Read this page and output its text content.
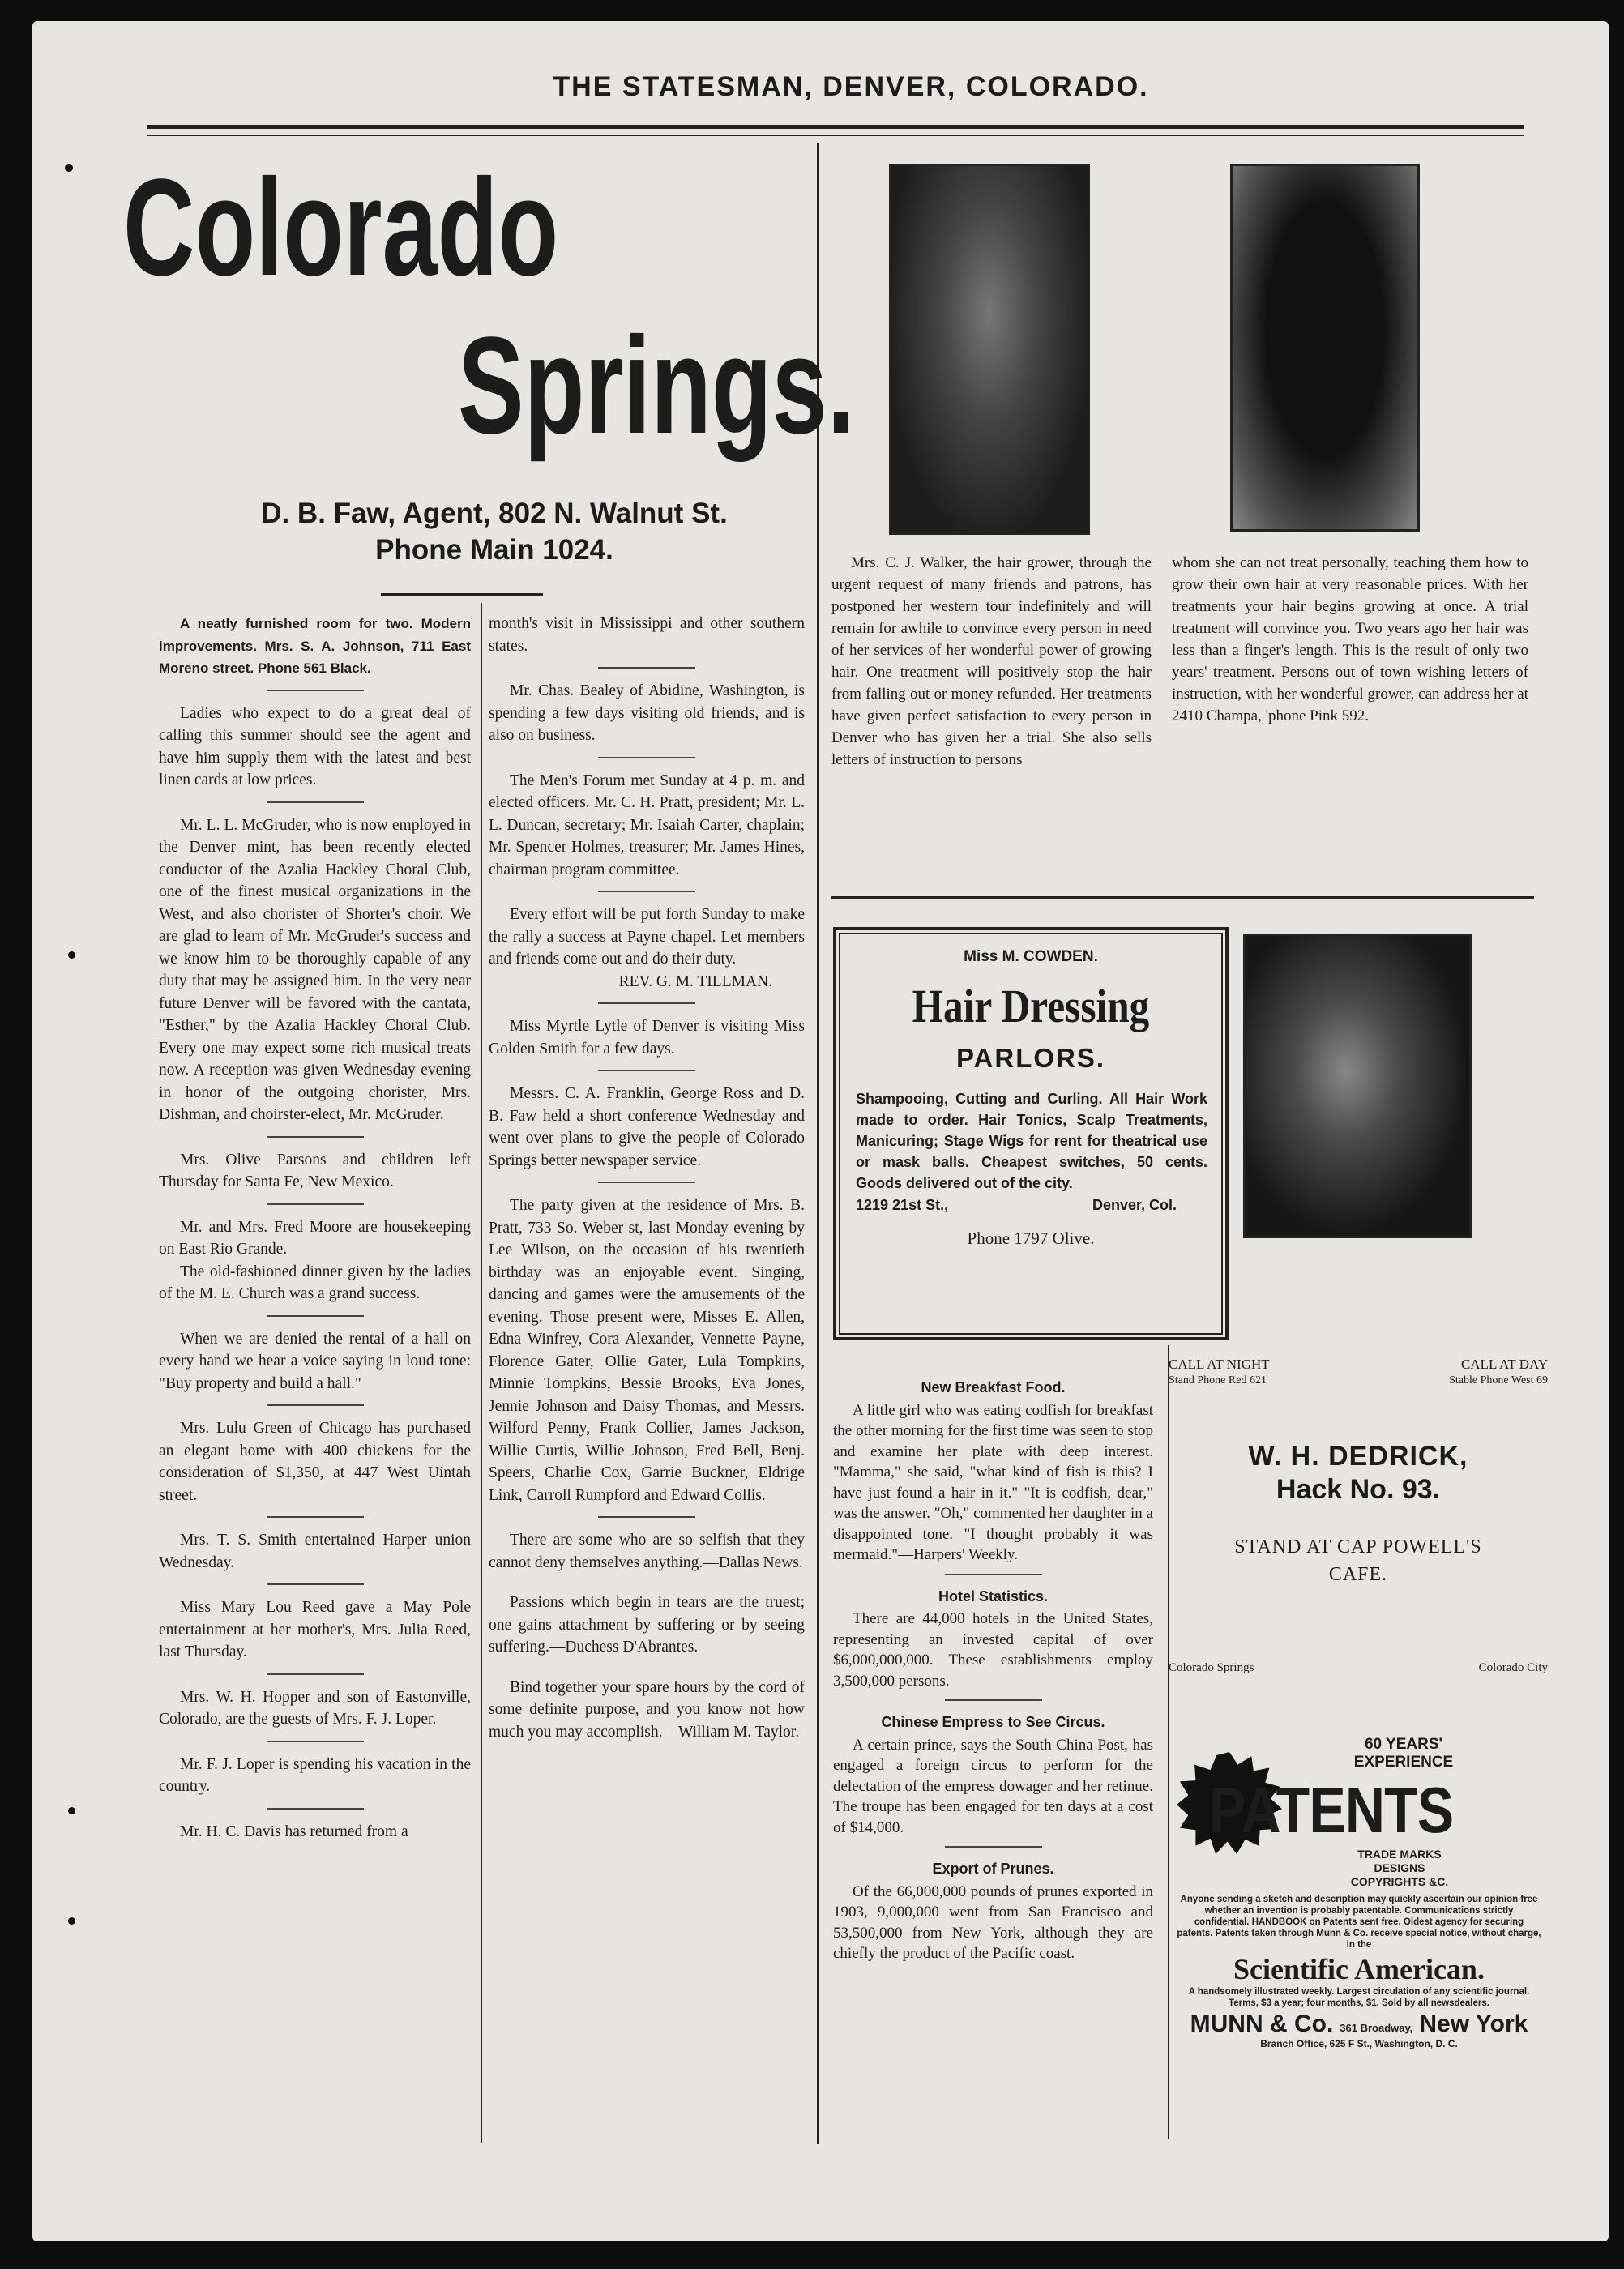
THE STATESMAN, DENVER, COLORADO.
Colorado
Springs.
D. B. Faw, Agent, 802 N. Walnut St.
Phone Main 1024.

A neatly furnished room for two. Modern improvements. Mrs. S. A. Johnson, 711 East Moreno street. Phone 561 Black.

Ladies who expect to do a great deal of calling this summer should see the agent and have him supply them with the latest and best linen cards at low prices.

Mr. L. L. McGruder, who is now employed in the Denver mint, has been recently elected conductor of the Azalia Hackley Choral Club, one of the finest musical organizations in the West, and also chorister of Shorter's choir. We are glad to learn of Mr. McGruder's success and we know him to be thoroughly capable of any duty that may be assigned him. In the very near future Denver will be favored with the cantata, "Esther," by the Azalia Hackley Choral Club. Every one may expect some rich musical treats now. A reception was given Wednesday evening in honor of the outgoing chorister, Mrs. Dishman, and choirster-elect, Mr. McGruder.

Mrs. Olive Parsons and children left Thursday for Santa Fe, New Mexico.

Mr. and Mrs. Fred Moore are housekeeping on East Rio Grande.

The old-fashioned dinner given by the ladies of the M. E. Church was a grand success.

When we are denied the rental of a hall on every hand we hear a voice saying in loud tone: "Buy property and build a hall."

Mrs. Lulu Green of Chicago has purchased an elegant home with 400 chickens for the consideration of $1,350, at 447 West Uintah street.

Mrs. T. S. Smith entertained Harper union Wednesday.

Miss Mary Lou Reed gave a May Pole entertainment at her mother's, Mrs. Julia Reed, last Thursday.

Mrs. W. H. Hopper and son of Eastonville, Colorado, are the guests of Mrs. F. J. Loper.

Mr. F. J. Loper is spending his vacation in the country.

Mr. H. C. Davis has returned from a

month's visit in Mississippi and other southern states.

Mr. Chas. Bealey of Abidine, Washington, is spending a few days visiting old friends, and is also on business.

The Men's Forum met Sunday at 4 p. m. and elected officers. Mr. C. H. Pratt, president; Mr. L. L. Duncan, secretary; Mr. Isaiah Carter, chaplain; Mr. Spencer Holmes, treasurer; Mr. James Hines, chairman program committee.

Every effort will be put forth Sunday to make the rally a success at Payne chapel. Let members and friends come out and do their duty.

REV. G. M. TILLMAN.

Miss Myrtle Lytle of Denver is visiting Miss Golden Smith for a few days.

Messrs. C. A. Franklin, George Ross and D. B. Faw held a short conference Wednesday and went over plans to give the people of Colorado Springs better newspaper service.

The party given at the residence of Mrs. B. Pratt, 733 So. Weber st, last Monday evening by Lee Wilson, on the occasion of his twentieth birthday was an enjoyable event. Singing, dancing and games were the amusements of the evening. Those present were, Misses E. Allen, Edna Winfrey, Cora Alexander, Vennette Payne, Florence Gater, Ollie Gater, Lula Tompkins, Minnie Tompkins, Bessie Brooks, Eva Jones, Jennie Johnson and Daisy Thomas, and Messrs. Wilford Penny, Frank Collier, James Jackson, Willie Curtis, Willie Johnson, Fred Bell, Benj. Speers, Charlie Cox, Garrie Buckner, Eldrige Link, Carroll Rumpford and Edward Collis.

There are some who are so selfish that they cannot deny themselves anything.—Dallas News.

Passions which begin in tears are the truest; one gains attachment by suffering or by seeing suffering.—Duchess D'Abrantes.

Bind together your spare hours by the cord of some definite purpose, and you know not how much you may accomplish.—William M. Taylor.

Mrs. C. J. Walker, the hair grower, through the urgent request of many friends and patrons, has postponed her western tour indefinitely and will remain for awhile to convince every person in need of her services of her wonderful power of growing hair. One treatment will positively stop the hair from falling out or money refunded. Her treatments have given perfect satisfaction to every person in Denver who has given her a trial. She also sells letters of instruction to persons

whom she can not treat personally, teaching them how to grow their own hair at very reasonable prices. With her treatments your hair begins growing at once. A trial treatment will convince you. Two years ago her hair was less than a finger's length. This is the result of only two years' treatment. Persons out of town wishing letters of instruction, with her wonderful grower, can address her at 2410 Champa, 'phone Pink 592.

Miss M. COWDEN.
Hair Dressing
PARLORS.
Shampooing, Cutting and Curling. All Hair Work made to order. Hair Tonics, Scalp Treatments, Manicuring; Stage Wigs for rent for theatrical use or mask balls. Cheapest switches, 50 cents. Goods delivered out of the city.
1219 21st St.,	Denver, Col.
Phone 1797 Olive.
New Breakfast Food.

A little girl who was eating codfish for breakfast the other morning for the first time was seen to stop and examine her plate with deep interest. "Mamma," she said, "what kind of fish is this? I have just found a hair in it." "It is codfish, dear," was the answer. "Oh," commented her daughter in a disappointed tone. "I thought probably it was mermaid."—Harpers' Weekly.

Hotel Statistics.

There are 44,000 hotels in the United States, representing an invested capital of over $6,000,000,000. These establishments employ 3,500,000 persons.

Chinese Empress to See Circus.

A certain prince, says the South China Post, has engaged a foreign circus to perform for the delectation of the empress dowager and her retinue. The troupe has been engaged for ten days at a cost of $14,000.

Export of Prunes.

Of the 66,000,000 pounds of prunes exported in 1903, 9,000,000 went from San Francisco and 53,500,000 from New York, although they are chiefly the product of the Pacific coast.

CALL AT NIGHT
Stand Phone Red 621
CALL AT DAY
Stable Phone West 69
W. H. DEDRICK,
Hack No. 93.
STAND AT CAP POWELL'S CAFE.
Colorado Springs	Colorado City
60 YEARS' EXPERIENCE
PATENTS
TRADE MARKS DESIGNS COPYRIGHTS &C.
Anyone sending a sketch and description may quickly ascertain our opinion free whether an invention is probably patentable. Communications strictly confidential. HANDBOOK on Patents sent free. Oldest agency for securing patents. Patents taken through Munn & Co. receive special notice, without charge, in the
Scientific American.
A handsomely illustrated weekly. Largest circulation of any scientific journal. Terms, $3 a year; four months, $1. Sold by all newsdealers.
MUNN & Co. 361 Broadway, New York
Branch Office, 625 F St., Washington, D. C.
